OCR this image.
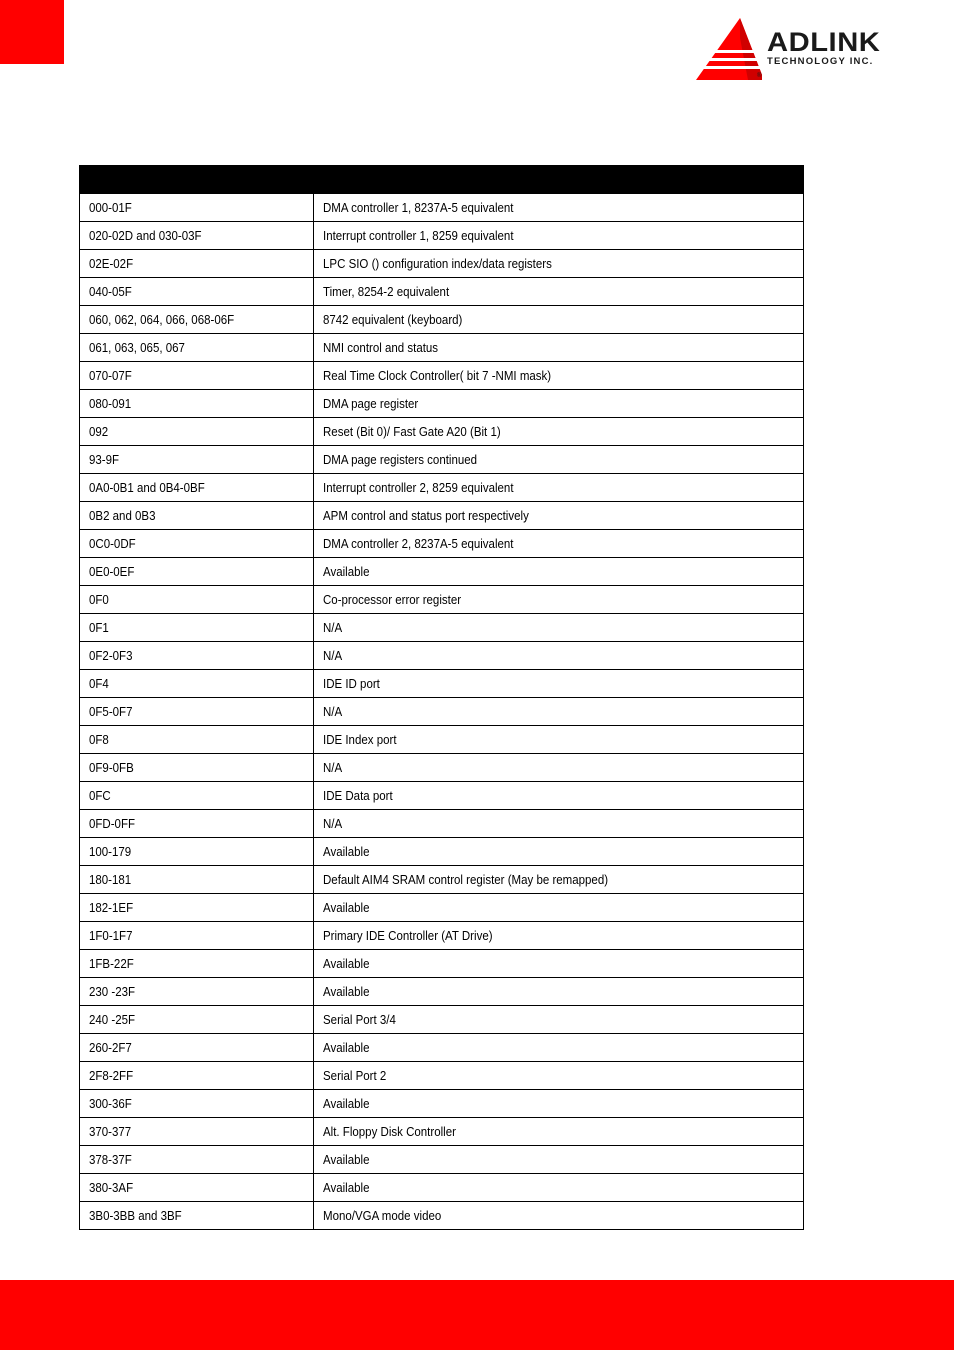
ADLINK
TECHNOLOGY INC.
®

000-01F	DMA controller 1, 8237A-5 equivalent
020-02D and 030-03F	Interrupt controller 1, 8259 equivalent
02E-02F	LPC SIO () configuration index/data registers
040-05F	Timer, 8254-2 equivalent
060, 062, 064, 066, 068-06F	8742 equivalent (keyboard)
061, 063, 065, 067	NMI control and status
070-07F	Real Time Clock Controller( bit 7 -NMI mask)
080-091	DMA page register
092	Reset (Bit 0)/ Fast Gate A20 (Bit 1)
93-9F	DMA page registers continued
0A0-0B1 and 0B4-0BF	Interrupt controller 2, 8259 equivalent
0B2 and 0B3	APM control and status port respectively
0C0-0DF	DMA controller 2, 8237A-5 equivalent
0E0-0EF	Available
0F0	Co-processor error register
0F1	N/A
0F2-0F3	N/A
0F4	IDE ID port
0F5-0F7	N/A
0F8	IDE Index port
0F9-0FB	N/A
0FC	IDE Data port
0FD-0FF	N/A
100-179	Available
180-181	Default AIM4 SRAM control register (May be remapped)
182-1EF	Available
1F0-1F7	Primary IDE Controller (AT Drive)
1FB-22F	Available
230 -23F	Available
240 -25F	Serial Port 3/4
260-2F7	Available
2F8-2FF	Serial Port 2
300-36F	Available
370-377	Alt. Floppy Disk Controller
378-37F	Available
380-3AF	Available
3B0-3BB and 3BF	Mono/VGA mode video
